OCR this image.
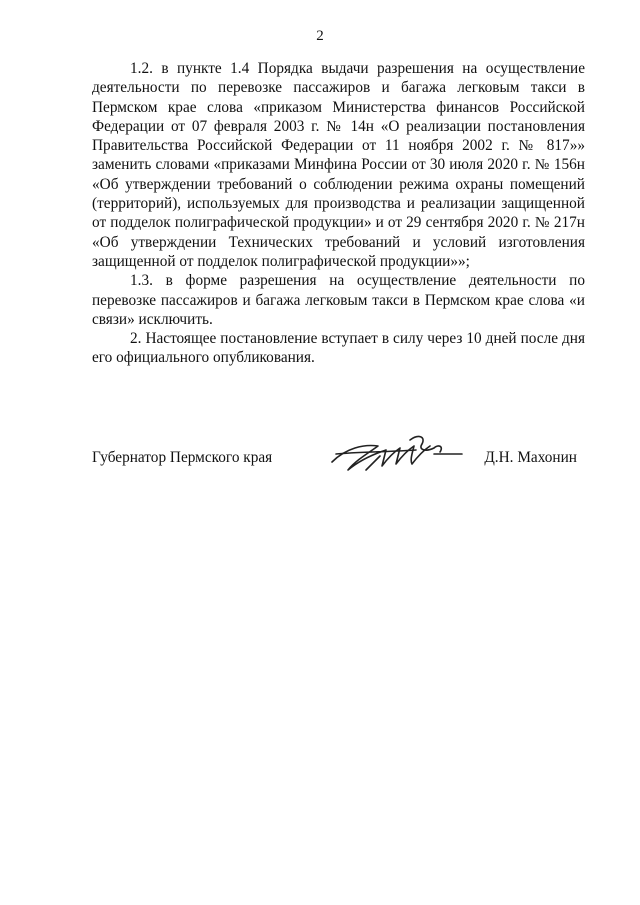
2

1.2. в пункте 1.4 Порядка выдачи разрешения на осуществление деятельности по перевозке пассажиров и багажа легковым такси в Пермском крае слова «приказом Министерства финансов Российской Федерации от 07 февраля 2003 г. № 14н «О реализации постановления Правительства Российской Федерации от 11 ноября 2002 г. № 817»» заменить словами «приказами Минфина России от 30 июля 2020 г. № 156н «Об утверждении требований о соблюдении режима охраны помещений (территорий), используемых для производства и реализации защищенной от подделок полиграфической продукции» и от 29 сентября 2020 г. № 217н «Об утверждении Технических требований и условий изготовления защищенной от подделок полиграфической продукции»»;

1.3. в форме разрешения на осуществление деятельности по перевозке пассажиров и багажа легковым такси в Пермском крае слова «и связи» исключить.

2. Настоящее постановление вступает в силу через 10 дней после дня его официального опубликования.

Губернатор Пермского края	Д.Н. Махонин
